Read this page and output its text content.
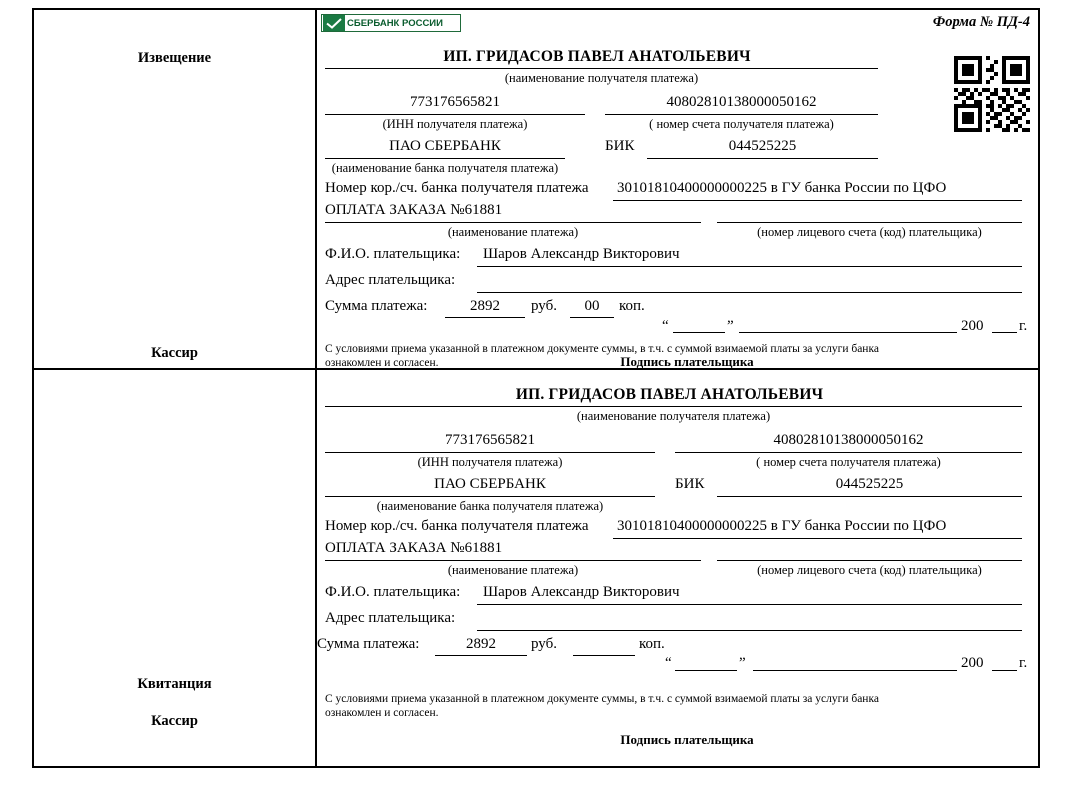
Извещение
Кассир
СБЕРБАНК РОССИИ	Форма № ПД-4
ИП. ГРИДАСОВ ПАВЕЛ АНАТОЛЬЕВИЧ
(наименование получателя платежа)
773176565821
(ИНН получателя платежа)
40802810138000050162
( номер счета получателя платежа)
ПАО СБЕРБАНК
(наименование банка получателя платежа)
БИК	044525225
Номер кор./сч. банка получателя платежа 30101810400000000225 в ГУ банка России по ЦФО
ОПЛАТА ЗАКАЗА №61881
(наименование платежа)	(номер лицевого счета (код) плательщика)
Ф.И.О. плательщика: Шаров Александр Викторович
Адрес плательщика:
Сумма платежа:	2892	руб.	00	коп.
“	”	200 г.
С условиями приема указанной в платежном документе суммы, в т.ч. с суммой взимаемой платы за услуги банка
ознакомлен и согласен.	Подпись плательщика
Квитанция
Кассир
ИП. ГРИДАСОВ ПАВЕЛ АНАТОЛЬЕВИЧ
(наименование получателя платежа)
773176565821
(ИНН получателя платежа)
40802810138000050162
( номер счета получателя платежа)
ПАО СБЕРБАНК
(наименование банка получателя платежа)
БИК	044525225
Номер кор./сч. банка получателя платежа 30101810400000000225 в ГУ банка России по ЦФО
ОПЛАТА ЗАКАЗА №61881
(наименование платежа)	(номер лицевого счета (код) плательщика)
Ф.И.О. плательщика: Шаров Александр Викторович
Адрес плательщика:
Сумма платежа:	2892	руб.	коп.
“	”	200 г.
С условиями приема указанной в платежном документе суммы, в т.ч. с суммой взимаемой платы за услуги банка
ознакомлен и согласен.
Подпись плательщика
